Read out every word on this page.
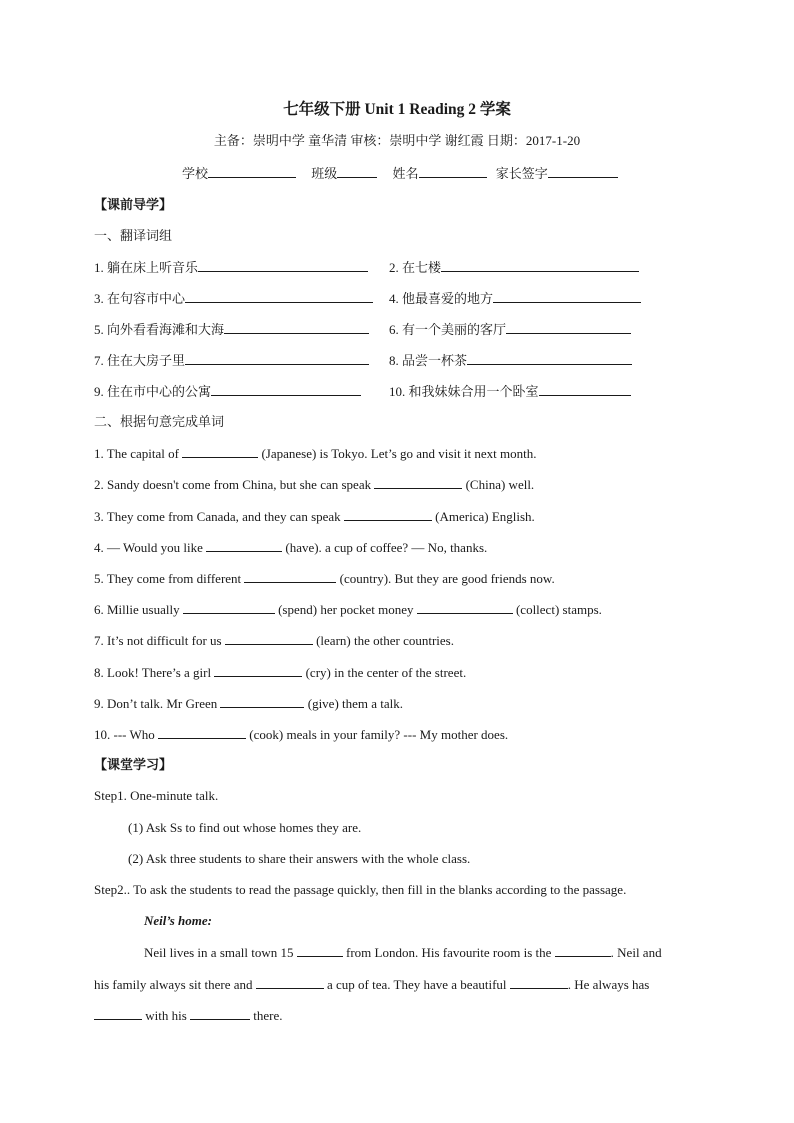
七年级下册 Unit 1 Reading 2 学案
主备：崇明中学 童华清 审核：崇明中学 谢红霞 日期：2017-1-20
学校	班级	姓名	家长签字
【课前导学】
一、翻译词组
1. 躺在床上听音乐	2. 在七楼
3. 在句容市中心	4. 他最喜爱的地方
5. 向外看看海滩和大海	6. 有一个美丽的客厅
7. 住在大房子里	8. 品尝一杯茶
9. 住在市中心的公寓	10. 和我妹妹合用一个卧室
二、根据句意完成单词
1. The capital of	(Japanese) is Tokyo. Let’s go and visit it next month.
2. Sandy doesn't come from China, but she can speak	(China) well.
3. They come from Canada, and they can speak	(America) English.
4. — Would you like	(have). a cup of coffee? — No, thanks.
5. They come from different	(country). But they are good friends now.
6. Millie usually	(spend) her pocket money	(collect) stamps.
7. It’s not difficult for us	(learn) the other countries.
8. Look! There’s a girl	(cry) in the center of the street.
9. Don’t talk. Mr Green	(give) them a talk.
10. --- Who	(cook) meals in your family? --- My mother does.
【课堂学习】
Step1. One-minute talk.
(1) Ask Ss to find out whose homes they are.
(2) Ask three students to share their answers with the whole class.
Step2.. To ask the students to read the passage quickly, then fill in the blanks according to the passage.
Neil’s home:
Neil lives in a small town 15	from London. His favourite room is the	. Neil and
his family always sit there and	a cup of tea. They have a beautiful	. He always has
with his	there.
